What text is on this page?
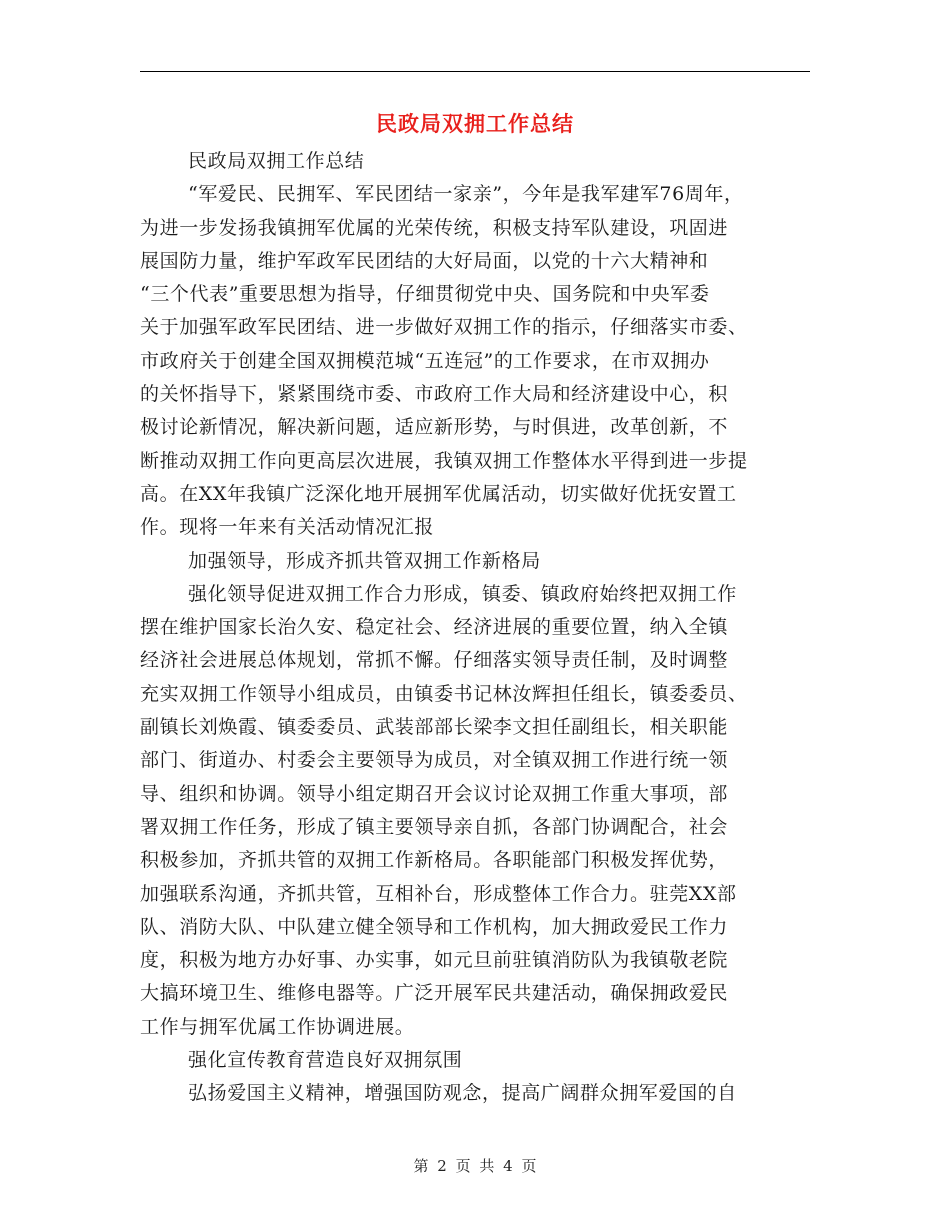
民政局双拥工作总结
民政局双拥工作总结
“军爱民、民拥军、军民团结一家亲”，今年是我军建军76周年，
为进一步发扬我镇拥军优属的光荣传统，积极支持军队建设，巩固进
展国防力量，维护军政军民团结的大好局面，以党的十六大精神和
“三个代表”重要思想为指导，仔细贯彻党中央、国务院和中央军委
关于加强军政军民团结、进一步做好双拥工作的指示，仔细落实市委、
市政府关于创建全国双拥模范城“五连冠”的工作要求，在市双拥办
的关怀指导下，紧紧围绕市委、市政府工作大局和经济建设中心，积
极讨论新情况，解决新问题，适应新形势，与时俱进，改革创新，不
断推动双拥工作向更高层次进展，我镇双拥工作整体水平得到进一步提
高。在XX年我镇广泛深化地开展拥军优属活动，切实做好优抚安置工
作。现将一年来有关活动情况汇报
加强领导，形成齐抓共管双拥工作新格局
强化领导促进双拥工作合力形成，镇委、镇政府始终把双拥工作
摆在维护国家长治久安、稳定社会、经济进展的重要位置，纳入全镇
经济社会进展总体规划，常抓不懈。仔细落实领导责任制，及时调整
充实双拥工作领导小组成员，由镇委书记林汝辉担任组长，镇委委员、
副镇长刘焕霞、镇委委员、武装部部长梁李文担任副组长，相关职能
部门、街道办、村委会主要领导为成员，对全镇双拥工作进行统一领
导、组织和协调。领导小组定期召开会议讨论双拥工作重大事项，部
署双拥工作任务，形成了镇主要领导亲自抓，各部门协调配合，社会
积极参加，齐抓共管的双拥工作新格局。各职能部门积极发挥优势，
加强联系沟通，齐抓共管，互相补台，形成整体工作合力。驻莞XX部
队、消防大队、中队建立健全领导和工作机构，加大拥政爱民工作力
度，积极为地方办好事、办实事，如元旦前驻镇消防队为我镇敬老院
大搞环境卫生、维修电器等。广泛开展军民共建活动，确保拥政爱民
工作与拥军优属工作协调进展。
强化宣传教育营造良好双拥氛围
弘扬爱国主义精神，增强国防观念，提高广阔群众拥军爱国的自
第 2 页 共 4 页
